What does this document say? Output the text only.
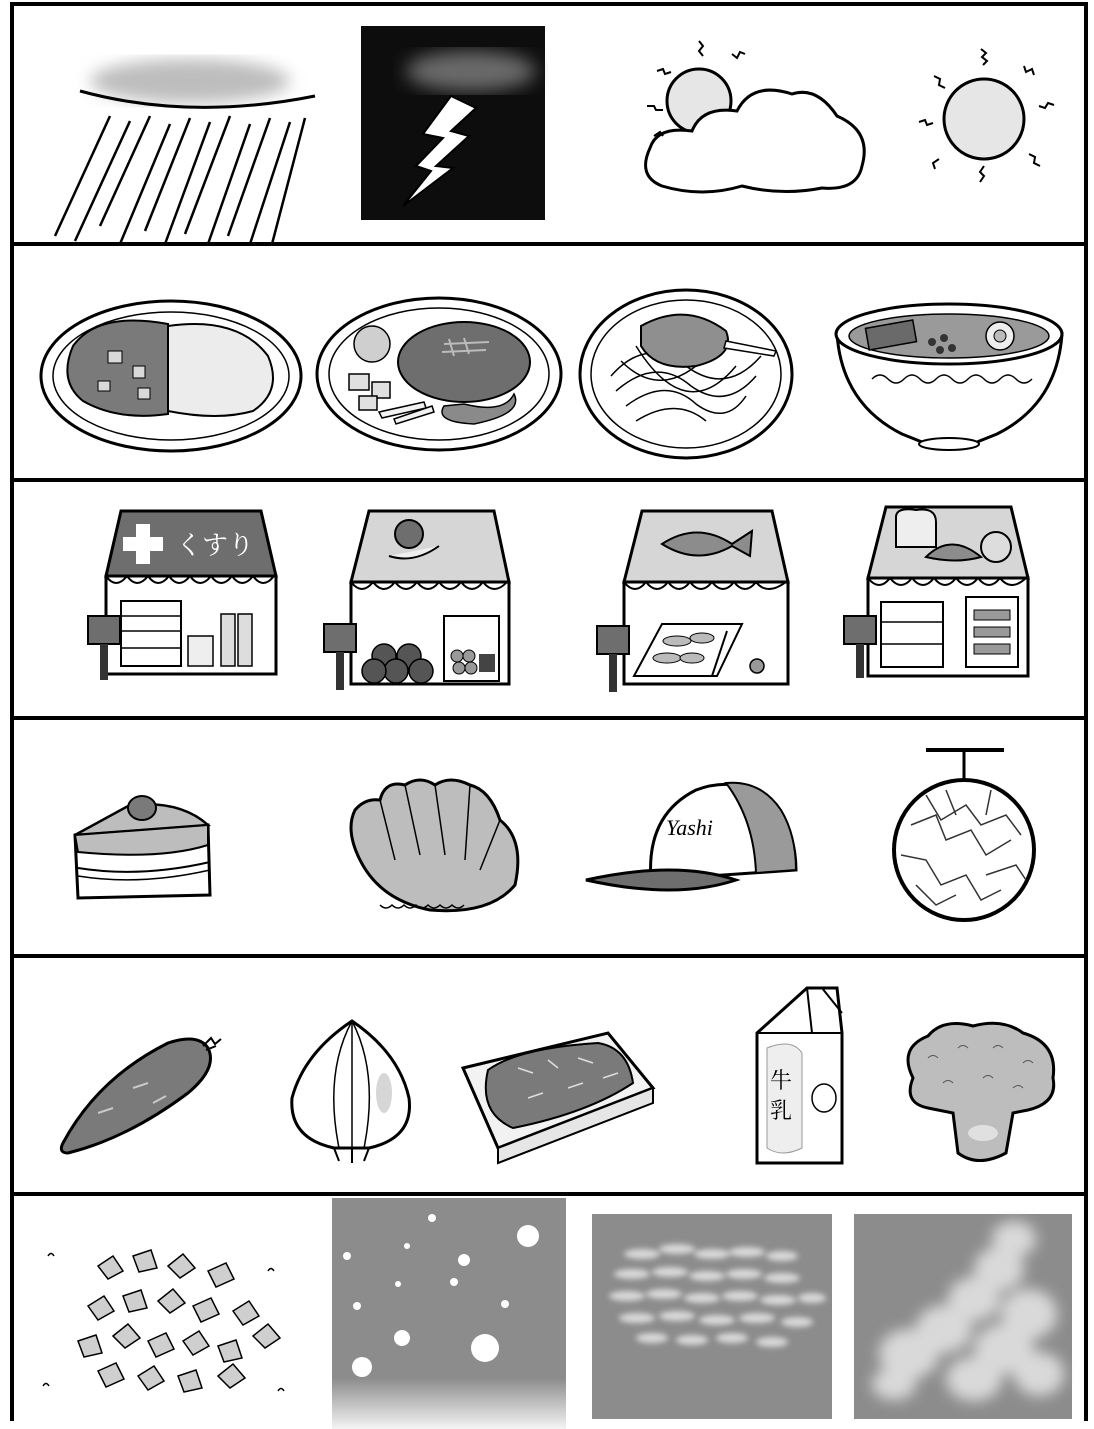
くすり
Yashi
牛
乳
